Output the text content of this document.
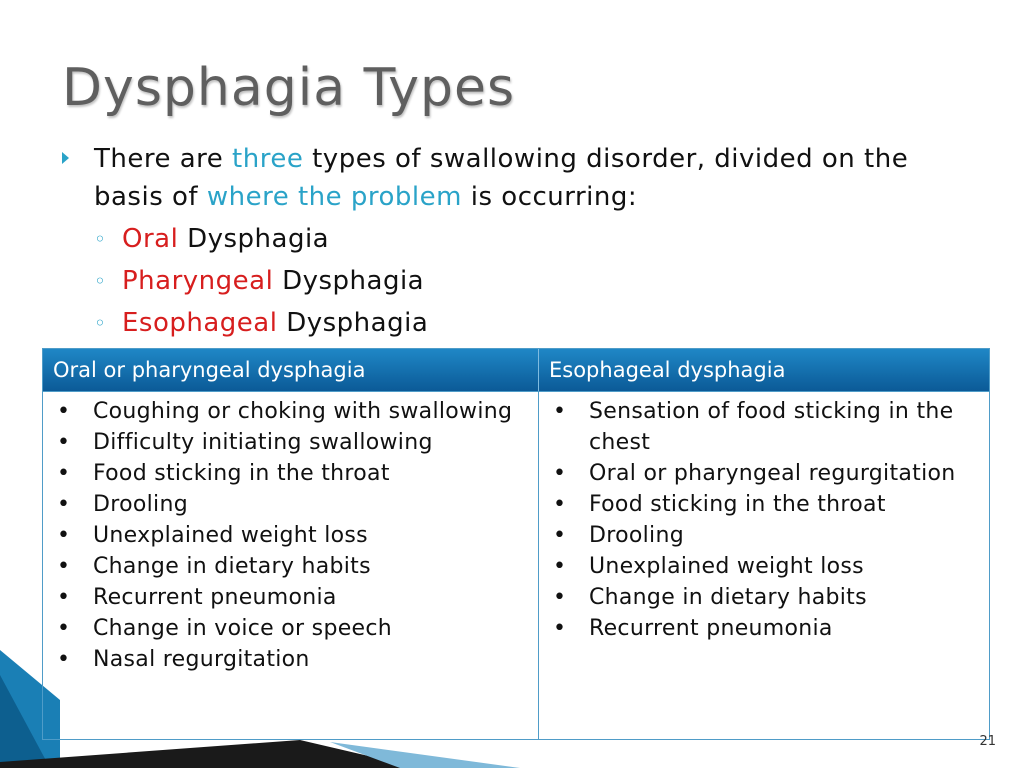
Dysphagia Types
There are three types of swallowing disorder, divided on the basis of where the problem is occurring:
◦ Oral Dysphagia
◦ Pharyngeal Dysphagia
◦ Esophageal Dysphagia
Oral or pharyngeal dysphagia	Esophageal dysphagia
• Coughing or choking with swallowing
• Difficulty initiating swallowing
• Food sticking in the throat
• Drooling
• Unexplained weight loss
• Change in dietary habits
• Recurrent pneumonia
• Change in voice or speech
• Nasal regurgitation
• Sensation of food sticking in the chest
• Oral or pharyngeal regurgitation
• Food sticking in the throat
• Drooling
• Unexplained weight loss
• Change in dietary habits
• Recurrent pneumonia
21
